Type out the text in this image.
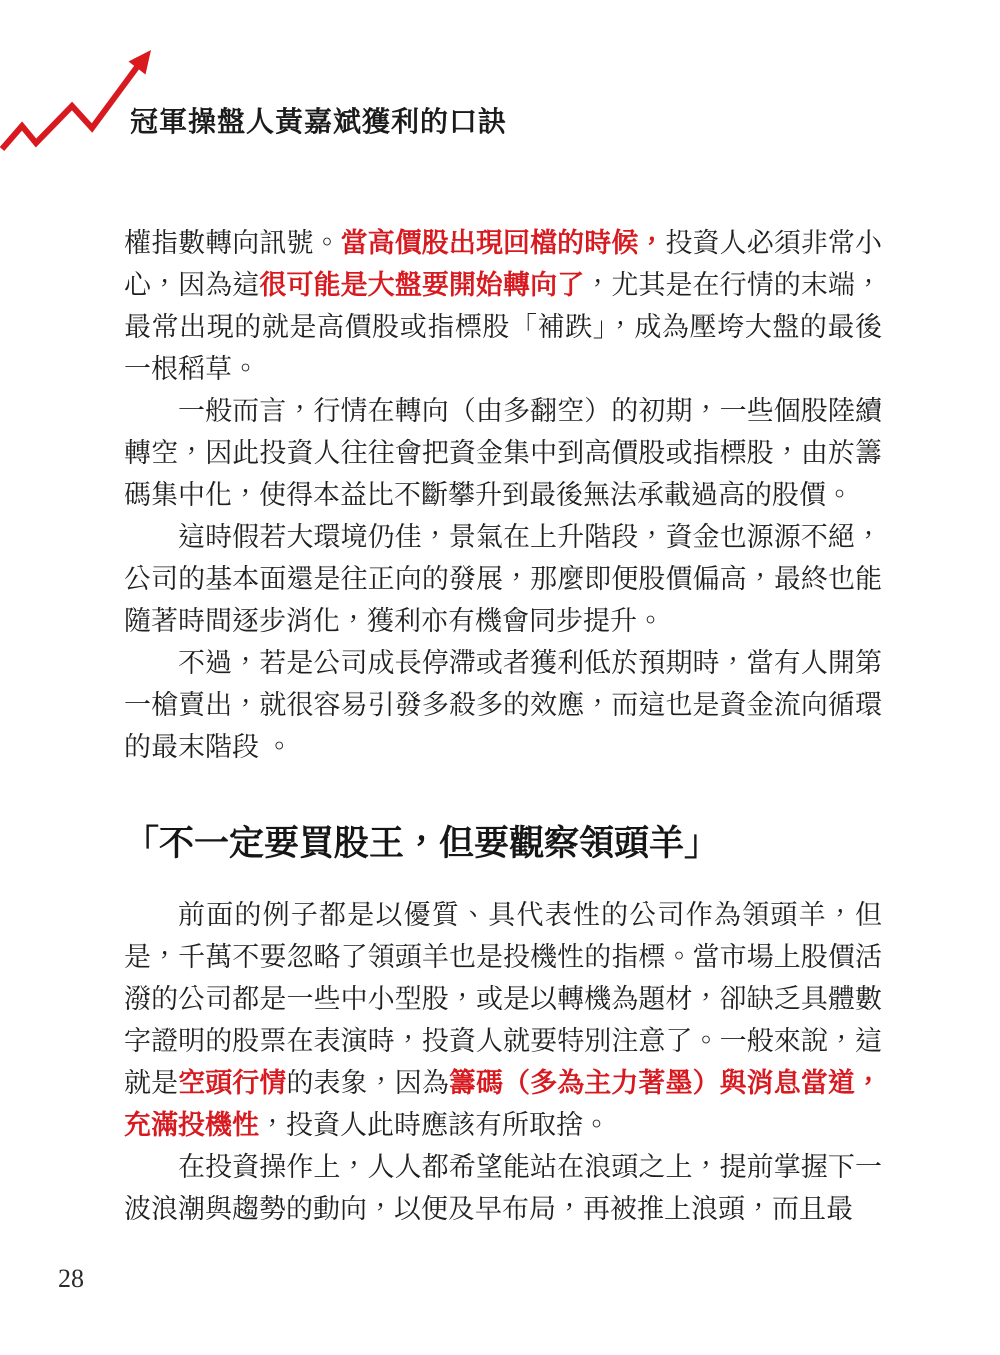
冠軍操盤人黃嘉斌獲利的口訣

權指數轉向訊號。當高價股出現回檔的時候，投資人必須非常小心，因為這很可能是大盤要開始轉向了，尤其是在行情的末端，最常出現的就是高價股或指標股「補跌」，成為壓垮大盤的最後一根稻草。

一般而言，行情在轉向（由多翻空）的初期，一些個股陸續轉空，因此投資人往往會把資金集中到高價股或指標股，由於籌碼集中化，使得本益比不斷攀升到最後無法承載過高的股價。

這時假若大環境仍佳，景氣在上升階段，資金也源源不絕，公司的基本面還是往正向的發展，那麼即便股價偏高，最終也能隨著時間逐步消化，獲利亦有機會同步提升。

不過，若是公司成長停滯或者獲利低於預期時，當有人開第一槍賣出，就很容易引發多殺多的效應，而這也是資金流向循環的最末階段 。

「不一定要買股王，但要觀察領頭羊」

前面的例子都是以優質、具代表性的公司作為領頭羊，但是，千萬不要忽略了領頭羊也是投機性的指標。當市場上股價活潑的公司都是一些中小型股，或是以轉機為題材，卻缺乏具體數字證明的股票在表演時，投資人就要特別注意了。一般來說，這就是空頭行情的表象，因為籌碼（多為主力著墨）與消息當道，充滿投機性，投資人此時應該有所取捨。

在投資操作上，人人都希望能站在浪頭之上，提前掌握下一波浪潮與趨勢的動向，以便及早布局，再被推上浪頭，而且最

28
